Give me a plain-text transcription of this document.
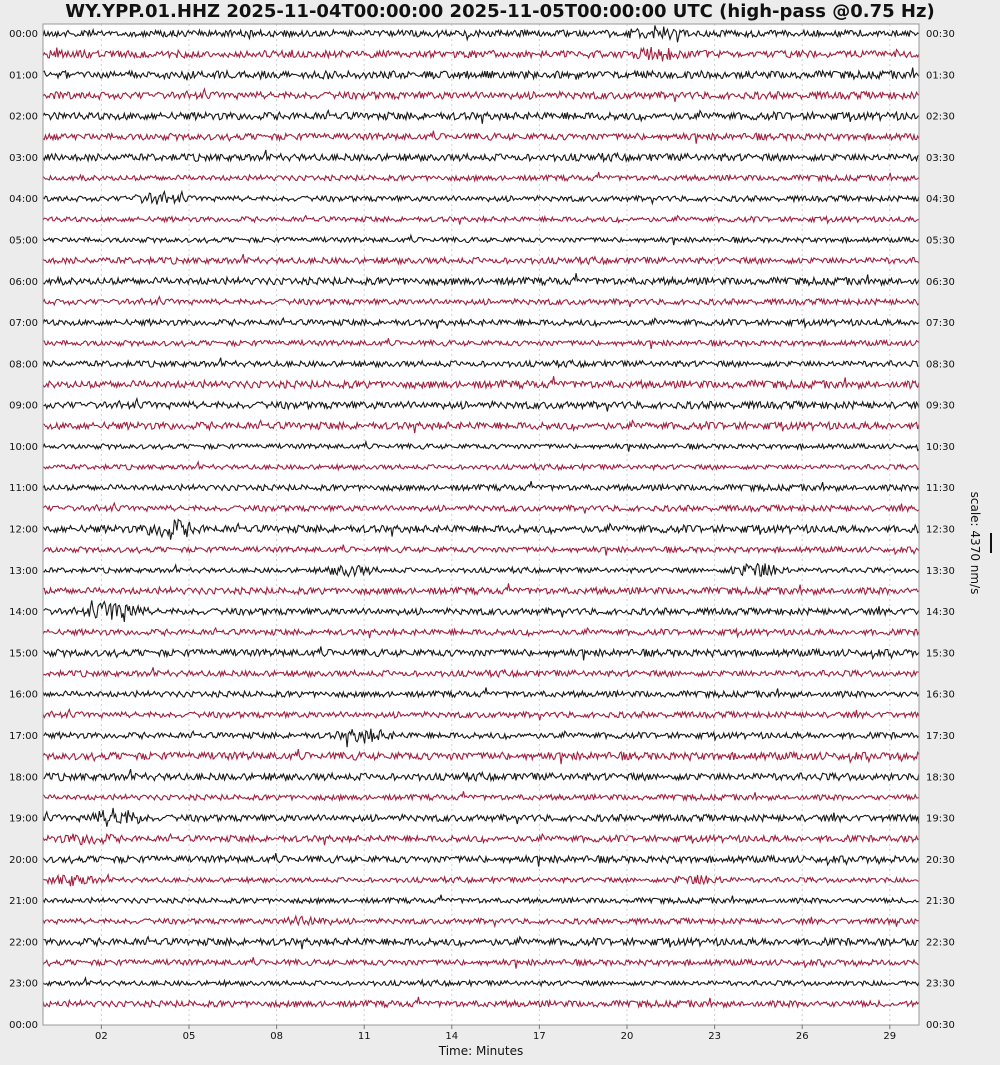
WY.YPP.01.HHZ 2025-11-04T00:00:00 2025-11-05T00:00:00 UTC (high-pass @0.75 Hz)
00:00
01:00
02:00
03:00
04:00
05:00
06:00
07:00
08:00
09:00
10:00
11:00
12:00
13:00
14:00
15:00
16:00
17:00
18:00
19:00
20:00
21:00
22:00
23:00
00:00
00:30
01:30
02:30
03:30
04:30
05:30
06:30
07:30
08:30
09:30
10:30
11:30
12:30
13:30
14:30
15:30
16:30
17:30
18:30
19:30
20:30
21:30
22:30
23:30
00:30
02	05	08	11	14	17	20	23	26	29
Time: Minutes
scale: 4370 nm/s
